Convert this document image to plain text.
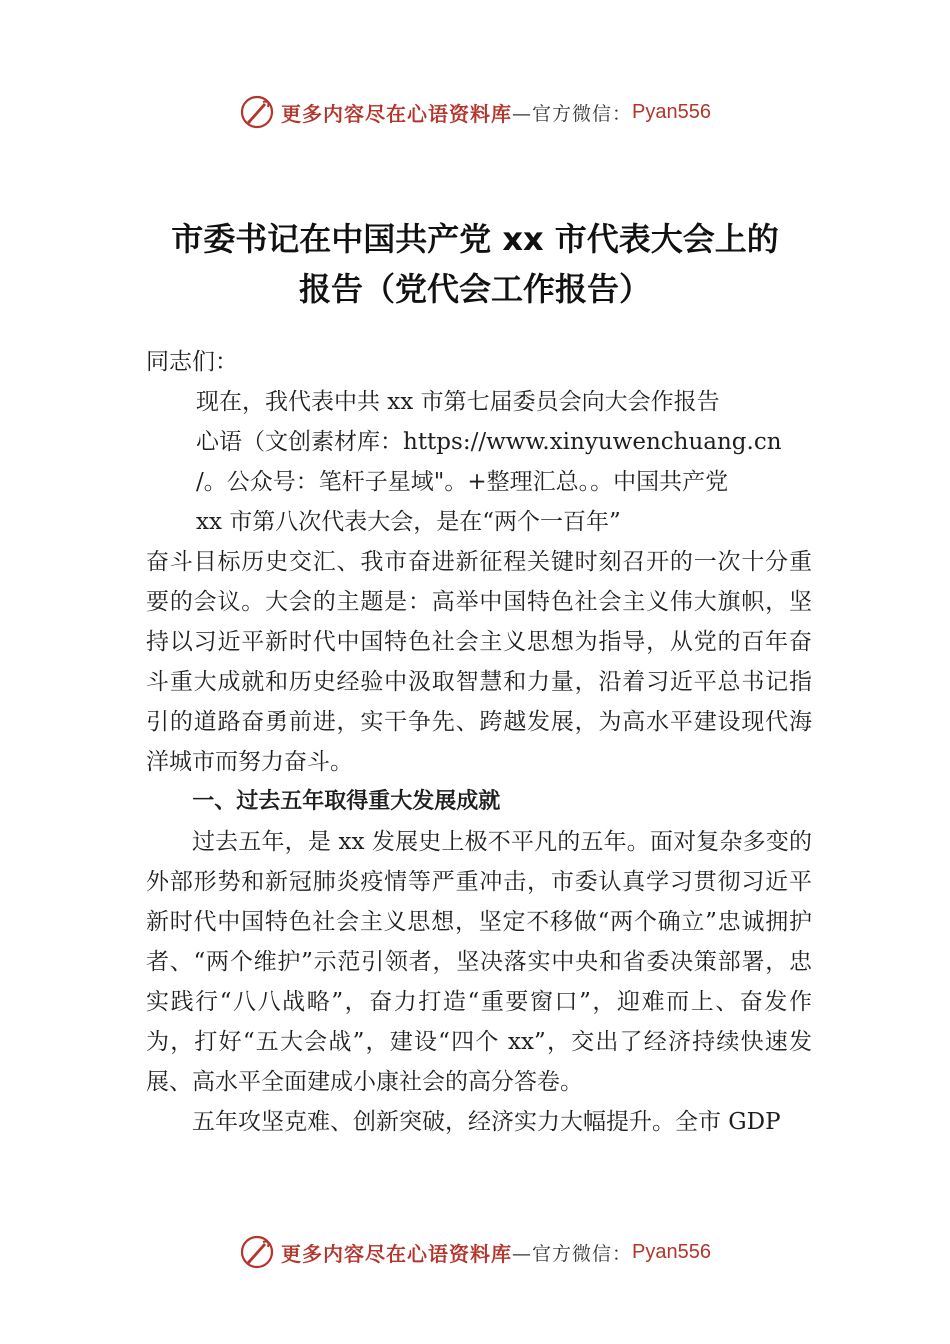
更多内容尽在心语资料库 —官方微信： Pyan556
市委书记在中国共产党 xx 市代表大会上的
报告（党代会工作报告）

同志们：

现在，我代表中共 xx 市第七届委员会向大会作报告
心语（文创素材库：https://www.xinyuwenchuang.cn
/。公众号：笔杆子星域"。+整理汇总。。中国共产党
xx 市第八次代表大会，是在“两个一百年”

奋斗目标历史交汇、我市奋进新征程关键时刻召开的一次十分重要的会议。大会的主题是：高举中国特色社会主义伟大旗帜，坚持以习近平新时代中国特色社会主义思想为指导，从党的百年奋斗重大成就和历史经验中汲取智慧和力量，沿着习近平总书记指引的道路奋勇前进，实干争先、跨越发展，为高水平建设现代海洋城市而努力奋斗。

一、过去五年取得重大发展成就

过去五年，是 xx 发展史上极不平凡的五年。面对复杂多变的外部形势和新冠肺炎疫情等严重冲击，市委认真学习贯彻习近平新时代中国特色社会主义思想，坚定不移做“两个确立”忠诚拥护者、“两个维护”示范引领者，坚决落实中央和省委决策部署，忠实践行“八八战略”，奋力打造“重要窗口”，迎难而上、奋发作为，打好“五大会战”，建设“四个 xx”，交出了经济持续快速发展、高水平全面建成小康社会的高分答卷。

五年攻坚克难、创新突破，经济实力大幅提升。全市 GDP

更多内容尽在心语资料库 —官方微信： Pyan556
